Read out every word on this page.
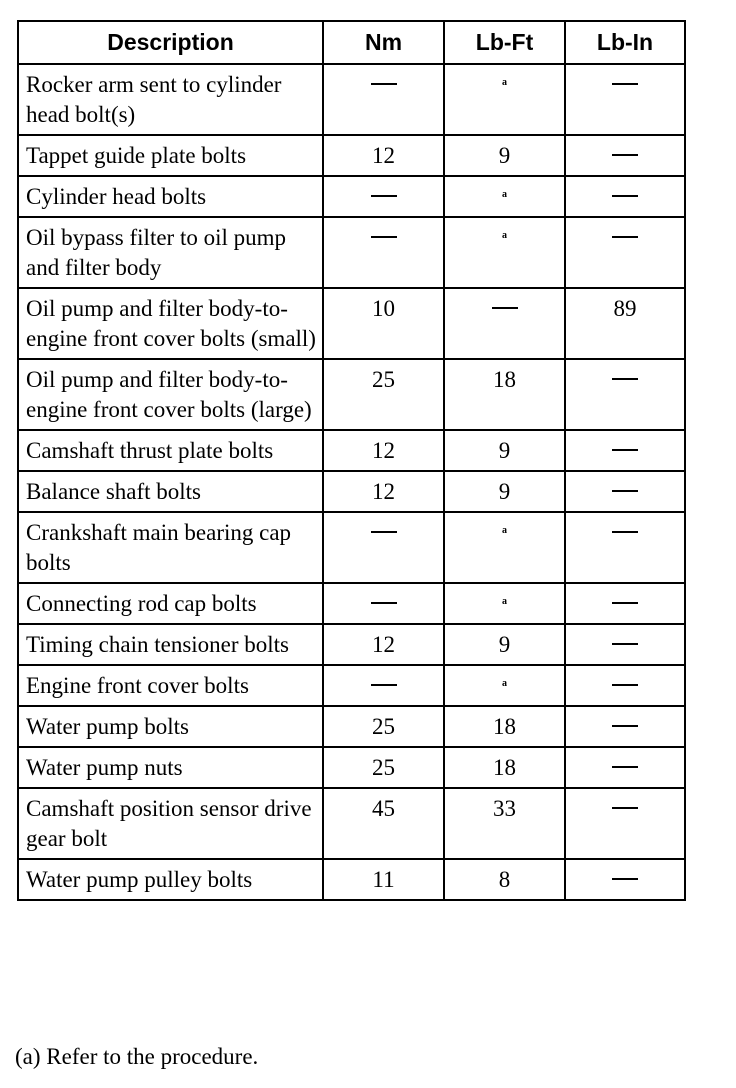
Description	Nm	Lb-Ft	Lb-In
Rocker arm sent to cylinder head bolt(s)		a	
Tappet guide plate bolts	12	9	
Cylinder head bolts		a	
Oil bypass filter to oil pump and filter body		a	
Oil pump and filter body-to-engine front cover bolts (small)	10		89
Oil pump and filter body-to-engine front cover bolts (large)	25	18	
Camshaft thrust plate bolts	12	9	
Balance shaft bolts	12	9	
Crankshaft main bearing cap bolts		a	
Connecting rod cap bolts		a	
Timing chain tensioner bolts	12	9	
Engine front cover bolts		a	
Water pump bolts	25	18	
Water pump nuts	25	18	
Camshaft position sensor drive gear bolt	45	33	
Water pump pulley bolts	11	8	
(a) Refer to the procedure.
